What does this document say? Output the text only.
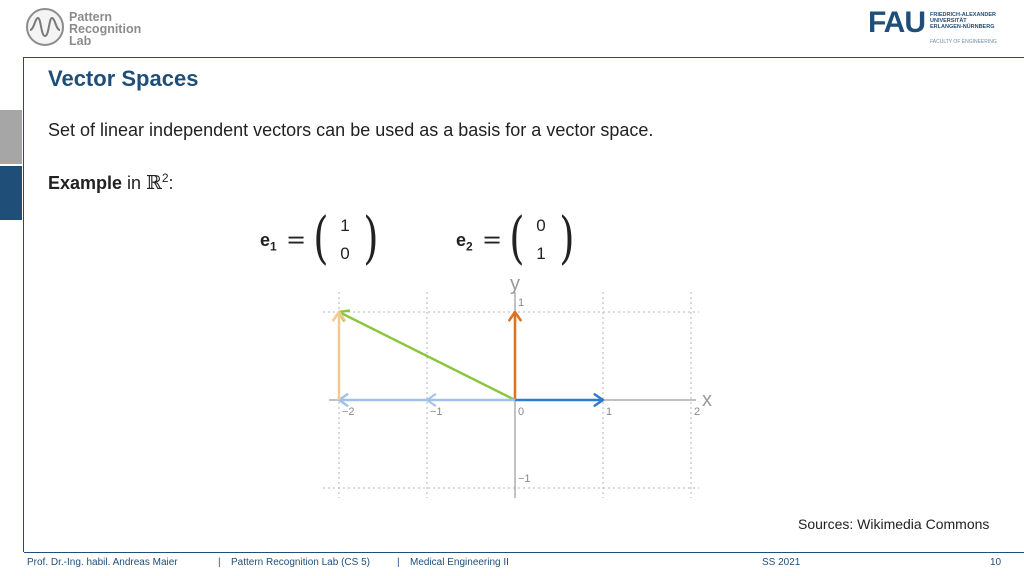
Pattern
Recognition
Lab
FAU FRIEDRICH-ALEXANDER
UNIVERSITÄT
ERLANGEN-NÜRNBERG
FACULTY OF ENGINEERING
Vector Spaces
Set of linear independent vectors can be used as a basis for a vector space.
Example in ℝ$^2$:
$e_1$ = ( 1
0 )	$e_2$ = ( 0
1 )
−2	−1	0	1	2
−1
1
x
y
Sources: Wikimedia Commons
Prof. Dr.-Ing. habil. Andreas Maier	| Pattern Recognition Lab (CS 5)	| Medical Engineering II	SS 2021	10
